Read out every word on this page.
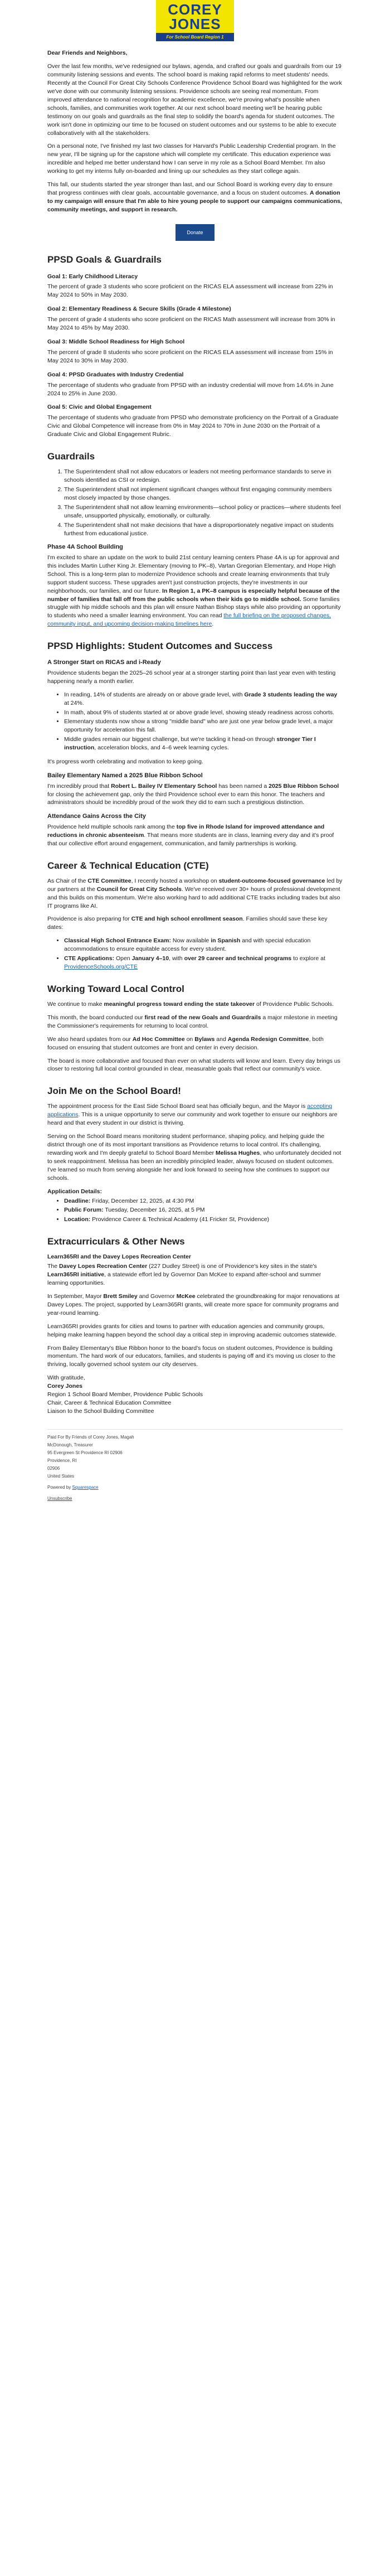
COREY
JONES
For School Board Region 1

Dear Friends and Neighbors,

Over the last few months, we've redesigned our bylaws, agenda, and crafted our goals and guardrails from our 19 community listening sessions and events. The school board is making rapid reforms to meet students' needs. Recently at the Council For Great City Schools Conference Providence School Board was highlighted for the work we've done with our community listening sessions. Providence schools are seeing real momentum. From improved attendance to national recognition for academic excellence, we're proving what's possible when schools, families, and communities work together. At our next school board meeting we'll be hearing public testimony on our goals and guardrails as the final step to solidify the board's agenda for student outcomes. The work isn't done in optimizing our time to be focused on student outcomes and our systems to be able to execute collaboratively with all the stakeholders.

On a personal note, I've finished my last two classes for Harvard's Public Leadership Credential program. In the new year, I'll be signing up for the capstone which will complete my certificate. This education experience was incredible and helped me better understand how I can serve in my role as a School Board Member. I'm also working to get my interns fully on-boarded and lining up our schedules as they start college again.

This fall, our students started the year stronger than last, and our School Board is working every day to ensure that progress continues with clear goals, accountable governance, and a focus on student outcomes. A donation to my campaign will ensure that I'm able to hire young people to support our campaigns communications, community meetings, and support in research.

Donate
PPSD Goals & Guardrails
Goal 1: Early Childhood Literacy

The percent of grade 3 students who score proficient on the RICAS ELA assessment will increase from 22% in May 2024 to 50% in May 2030.

Goal 2: Elementary Readiness & Secure Skills (Grade 4 Milestone)

The percent of grade 4 students who score proficient on the RICAS Math assessment will increase from 30% in May 2024 to 45% by May 2030.

Goal 3: Middle School Readiness for High School

The percent of grade 8 students who score proficient on the RICAS ELA assessment will increase from 15% in May 2024 to 30% in May 2030.

Goal 4: PPSD Graduates with Industry Credential

The percentage of students who graduate from PPSD with an industry credential will move from 14.6% in June 2024 to 25% in June 2030.

Goal 5: Civic and Global Engagement

The percentage of students who graduate from PPSD who demonstrate proficiency on the Portrait of a Graduate Civic and Global Competence will increase from 0% in May 2024 to 70% in June 2030 on the Portrait of a Graduate Civic and Global Engagement Rubric.

Guardrails
1. The Superintendent shall not allow educators or leaders not meeting performance standards to serve in schools identified as CSI or redesign.
2. The Superintendent shall not implement significant changes without first engaging community members most closely impacted by those changes.
3. The Superintendent shall not allow learning environments—school policy or practices—where students feel unsafe, unsupported physically, emotionally, or culturally.
4. The Superintendent shall not make decisions that have a disproportionately negative impact on students furthest from educational justice.
Phase 4A School Building

I'm excited to share an update on the work to build 21st century learning centers Phase 4A is up for approval and this includes Martin Luther King Jr. Elementary (moving to PK–8), Vartan Gregorian Elementary, and Hope High School. This is a long-term plan to modernize Providence schools and create learning environments that truly support student success. These upgrades aren't just construction projects, they're investments in our neighborhoods, our families, and our future. In Region 1, a PK–8 campus is especially helpful because of the number of families that fall off from the public schools when their kids go to middle school. Some families struggle with hip middle schools and this plan will ensure Nathan Bishop stays while also providing an opportunity to students who need a smaller learning environment. You can read the full briefing on the proposed changes, community input, and upcoming decision-making timelines here.

PPSD Highlights: Student Outcomes and Success
A Stronger Start on RICAS and i-Ready

Providence students began the 2025–26 school year at a stronger starting point than last year even with testing happening nearly a month earlier.

• In reading, 14% of students are already on or above grade level, with Grade 3 students leading the way at 24%.
• In math, about 9% of students started at or above grade level, showing steady readiness across cohorts.
• Elementary students now show a strong "middle band" who are just one year below grade level, a major opportunity for acceleration this fall.
• Middle grades remain our biggest challenge, but we're tackling it head-on through stronger Tier I instruction, acceleration blocks, and 4–6 week learning cycles.

It's progress worth celebrating and motivation to keep going.

Bailey Elementary Named a 2025 Blue Ribbon School

I'm incredibly proud that Robert L. Bailey IV Elementary School has been named a 2025 Blue Ribbon School for closing the achievement gap, only the third Providence school ever to earn this honor. The teachers and administrators should be incredibly proud of the work they did to earn such a prestigious distinction.

Attendance Gains Across the City

Providence held multiple schools rank among the top five in Rhode Island for improved attendance and reductions in chronic absenteeism. That means more students are in class, learning every day and it's proof that our collective effort around engagement, communication, and family partnerships is working.

Career & Technical Education (CTE)

As Chair of the CTE Committee, I recently hosted a workshop on student-outcome-focused governance led by our partners at the Council for Great City Schools. We've received over 30+ hours of professional development and this builds on this momentum. We're also working hard to add additional CTE tracks including trades but also IT programs like AI.

Providence is also preparing for CTE and high school enrollment season. Families should save these key dates:

• Classical High School Entrance Exam: Now available in Spanish and with special education accommodations to ensure equitable access for every student.
• CTE Applications: Open January 4–10, with over 29 career and technical programs to explore at ProvidenceSchools.org/CTE
Working Toward Local Control

We continue to make meaningful progress toward ending the state takeover of Providence Public Schools.

This month, the board conducted our first read of the new Goals and Guardrails a major milestone in meeting the Commissioner's requirements for returning to local control.

We also heard updates from our Ad Hoc Committee on Bylaws and Agenda Redesign Committee, both focused on ensuring that student outcomes are front and center in every decision.

The board is more collaborative and focused than ever on what students will know and learn. Every day brings us closer to restoring full local control grounded in clear, measurable goals that reflect our community's voice.

Join Me on the School Board!

The appointment process for the East Side School Board seat has officially begun, and the Mayor is accepting applications. This is a unique opportunity to serve our community and work together to ensure our neighbors are heard and that every student in our district is thriving.

Serving on the School Board means monitoring student performance, shaping policy, and helping guide the district through one of its most important transitions as Providence returns to local control. It's challenging, rewarding work and I'm deeply grateful to School Board Member Melissa Hughes, who unfortunately decided not to seek reappointment. Melissa has been an incredibly principled leader, always focused on student outcomes. I've learned so much from serving alongside her and look forward to seeing how she continues to support our schools.

Application Details:

• Deadline: Friday, December 12, 2025, at 4:30 PM
• Public Forum: Tuesday, December 16, 2025, at 5 PM
• Location: Providence Career & Technical Academy (41 Fricker St, Providence)
Extracurriculars & Other News

Learn365RI and the Davey Lopes Recreation Center

The Davey Lopes Recreation Center (227 Dudley Street) is one of Providence's key sites in the state's Learn365RI initiative, a statewide effort led by Governor Dan McKee to expand after-school and summer learning opportunities.

In September, Mayor Brett Smiley and Governor McKee celebrated the groundbreaking for major renovations at Davey Lopes. The project, supported by Learn365RI grants, will create more space for community programs and year-round learning.

Learn365RI provides grants for cities and towns to partner with education agencies and community groups, helping make learning happen beyond the school day a critical step in improving academic outcomes statewide.

From Bailey Elementary's Blue Ribbon honor to the board's focus on student outcomes, Providence is building momentum. The hard work of our educators, families, and students is paying off and it's moving us closer to the thriving, locally governed school system our city deserves.

With gratitude,
Corey Jones
Region 1 School Board Member, Providence Public Schools
Chair, Career & Technical Education Committee
Liaison to the School Building Committee

Paid For By Friends of Corey Jones, Magah

McDonough, Treasurer

95 Evergreen St Providence RI 02906

Providence, RI

02906

United States

Powered by Squarespace

Unsubscribe
